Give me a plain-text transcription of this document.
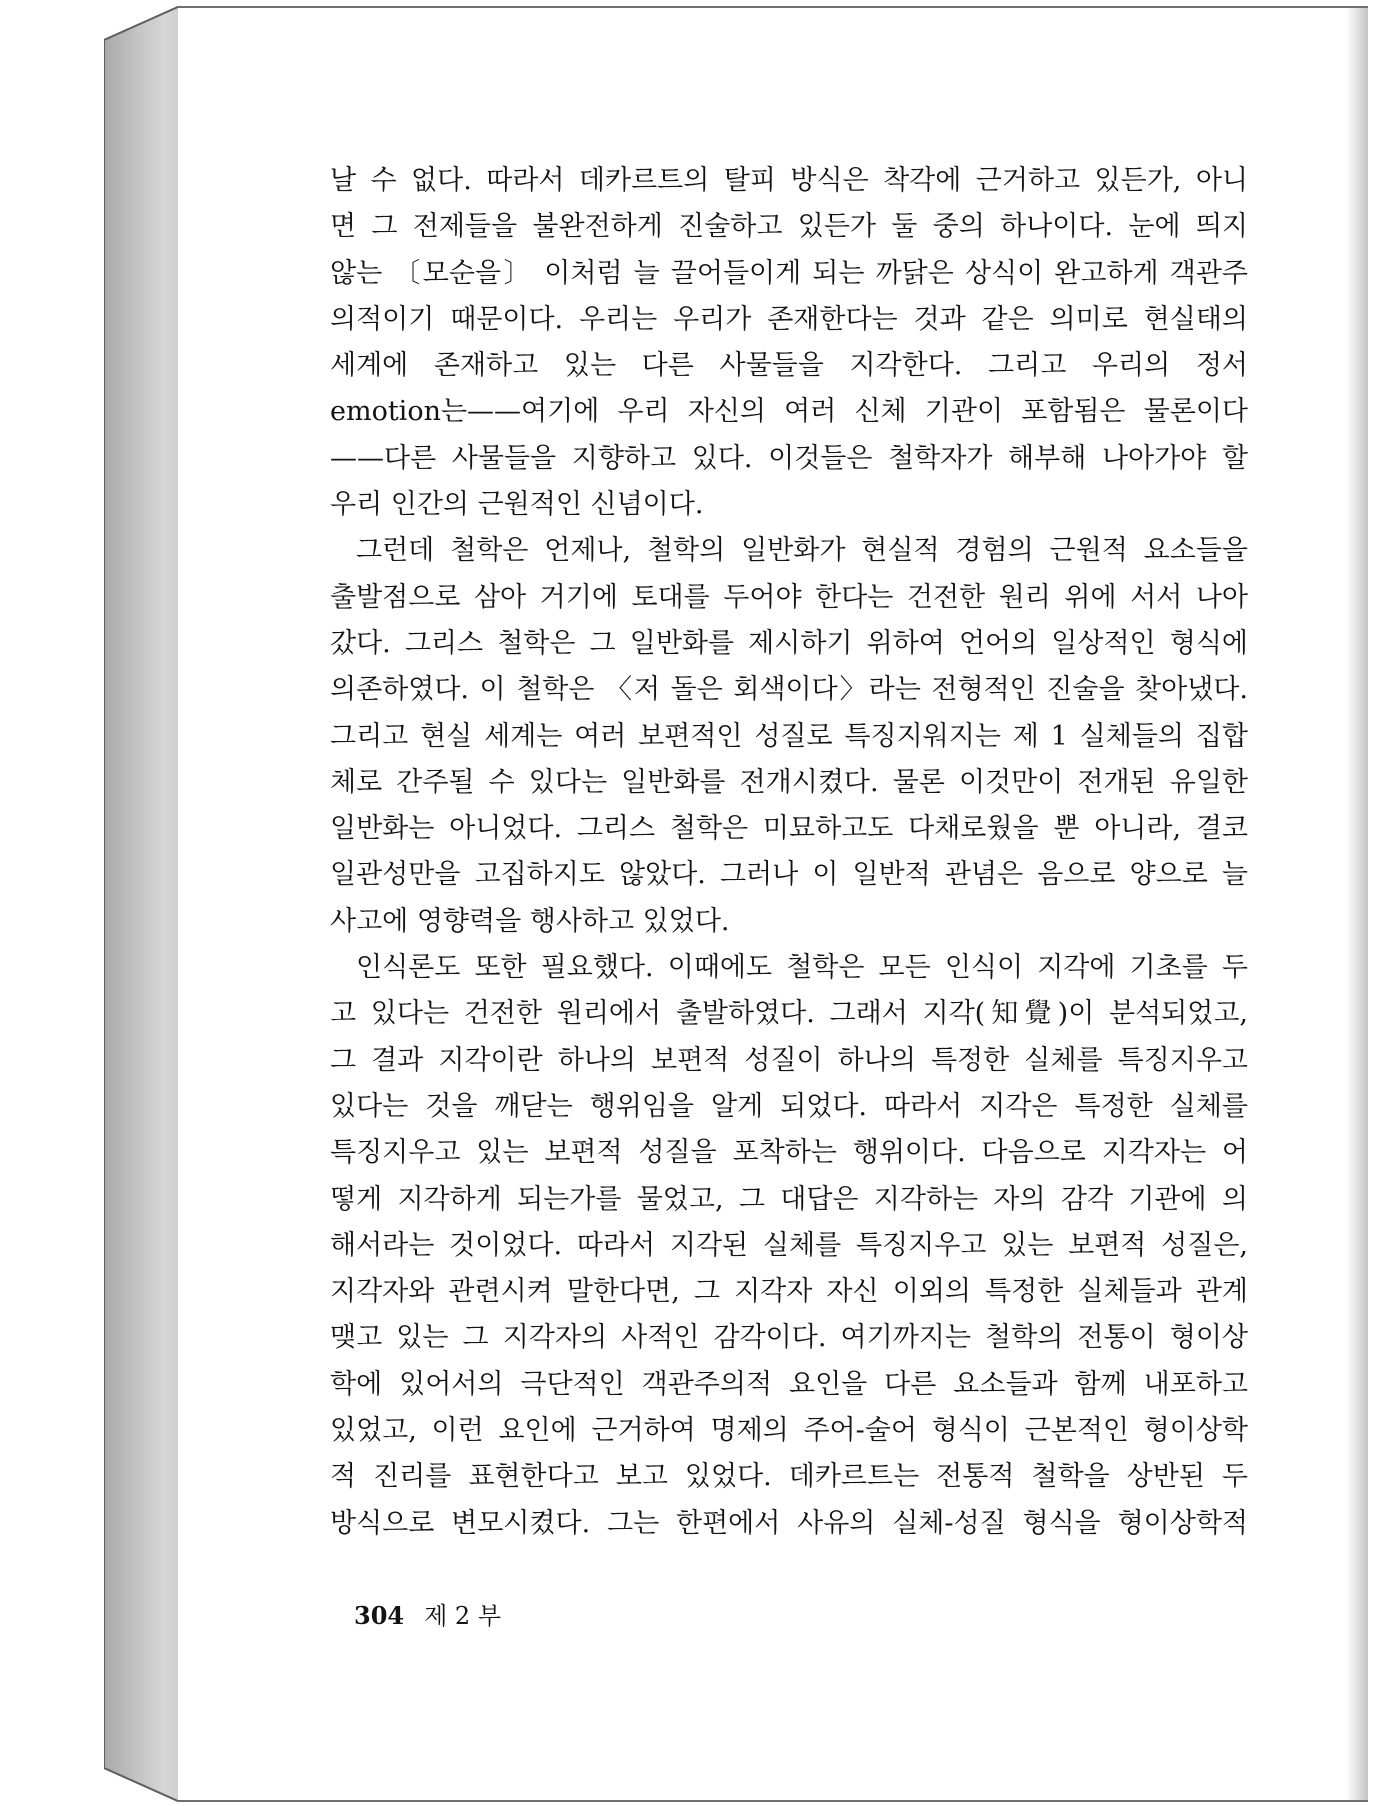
날 수 없다. 따라서 데카르트의 탈피 방식은 착각에 근거하고 있든가, 아니
면 그 전제들을 불완전하게 진술하고 있든가 둘 중의 하나이다. 눈에 띄지
않는 〔모순을〕 이처럼 늘 끌어들이게 되는 까닭은 상식이 완고하게 객관주
의적이기 때문이다. 우리는 우리가 존재한다는 것과 같은 의미로 현실태의
세계에 존재하고 있는 다른 사물들을 지각한다. 그리고 우리의 정서
emotion는——여기에 우리 자신의 여러 신체 기관이 포함됨은 물론이다
——다른 사물들을 지향하고 있다. 이것들은 철학자가 해부해 나아가야 할
우리 인간의 근원적인 신념이다.
그런데 철학은 언제나, 철학의 일반화가 현실적 경험의 근원적 요소들을
출발점으로 삼아 거기에 토대를 두어야 한다는 건전한 원리 위에 서서 나아
갔다. 그리스 철학은 그 일반화를 제시하기 위하여 언어의 일상적인 형식에
의존하였다. 이 철학은 〈저 돌은 회색이다〉라는 전형적인 진술을 찾아냈다.
그리고 현실 세계는 여러 보편적인 성질로 특징지워지는 제 1 실체들의 집합
체로 간주될 수 있다는 일반화를 전개시켰다. 물론 이것만이 전개된 유일한
일반화는 아니었다. 그리스 철학은 미묘하고도 다채로웠을 뿐 아니라, 결코
일관성만을 고집하지도 않았다. 그러나 이 일반적 관념은 음으로 양으로 늘
사고에 영향력을 행사하고 있었다.
인식론도 또한 필요했다. 이때에도 철학은 모든 인식이 지각에 기초를 두
고 있다는 건전한 원리에서 출발하였다. 그래서 지각(知覺)이 분석되었고,
그 결과 지각이란 하나의 보편적 성질이 하나의 특정한 실체를 특징지우고
있다는 것을 깨닫는 행위임을 알게 되었다. 따라서 지각은 특정한 실체를
특징지우고 있는 보편적 성질을 포착하는 행위이다. 다음으로 지각자는 어
떻게 지각하게 되는가를 물었고, 그 대답은 지각하는 자의 감각 기관에 의
해서라는 것이었다. 따라서 지각된 실체를 특징지우고 있는 보편적 성질은,
지각자와 관련시켜 말한다면, 그 지각자 자신 이외의 특정한 실체들과 관계
맺고 있는 그 지각자의 사적인 감각이다. 여기까지는 철학의 전통이 형이상
학에 있어서의 극단적인 객관주의적 요인을 다른 요소들과 함께 내포하고
있었고, 이런 요인에 근거하여 명제의 주어-술어 형식이 근본적인 형이상학
적 진리를 표현한다고 보고 있었다. 데카르트는 전통적 철학을 상반된 두
방식으로 변모시켰다. 그는 한편에서 사유의 실체-성질 형식을 형이상학적
304 제 2 부
